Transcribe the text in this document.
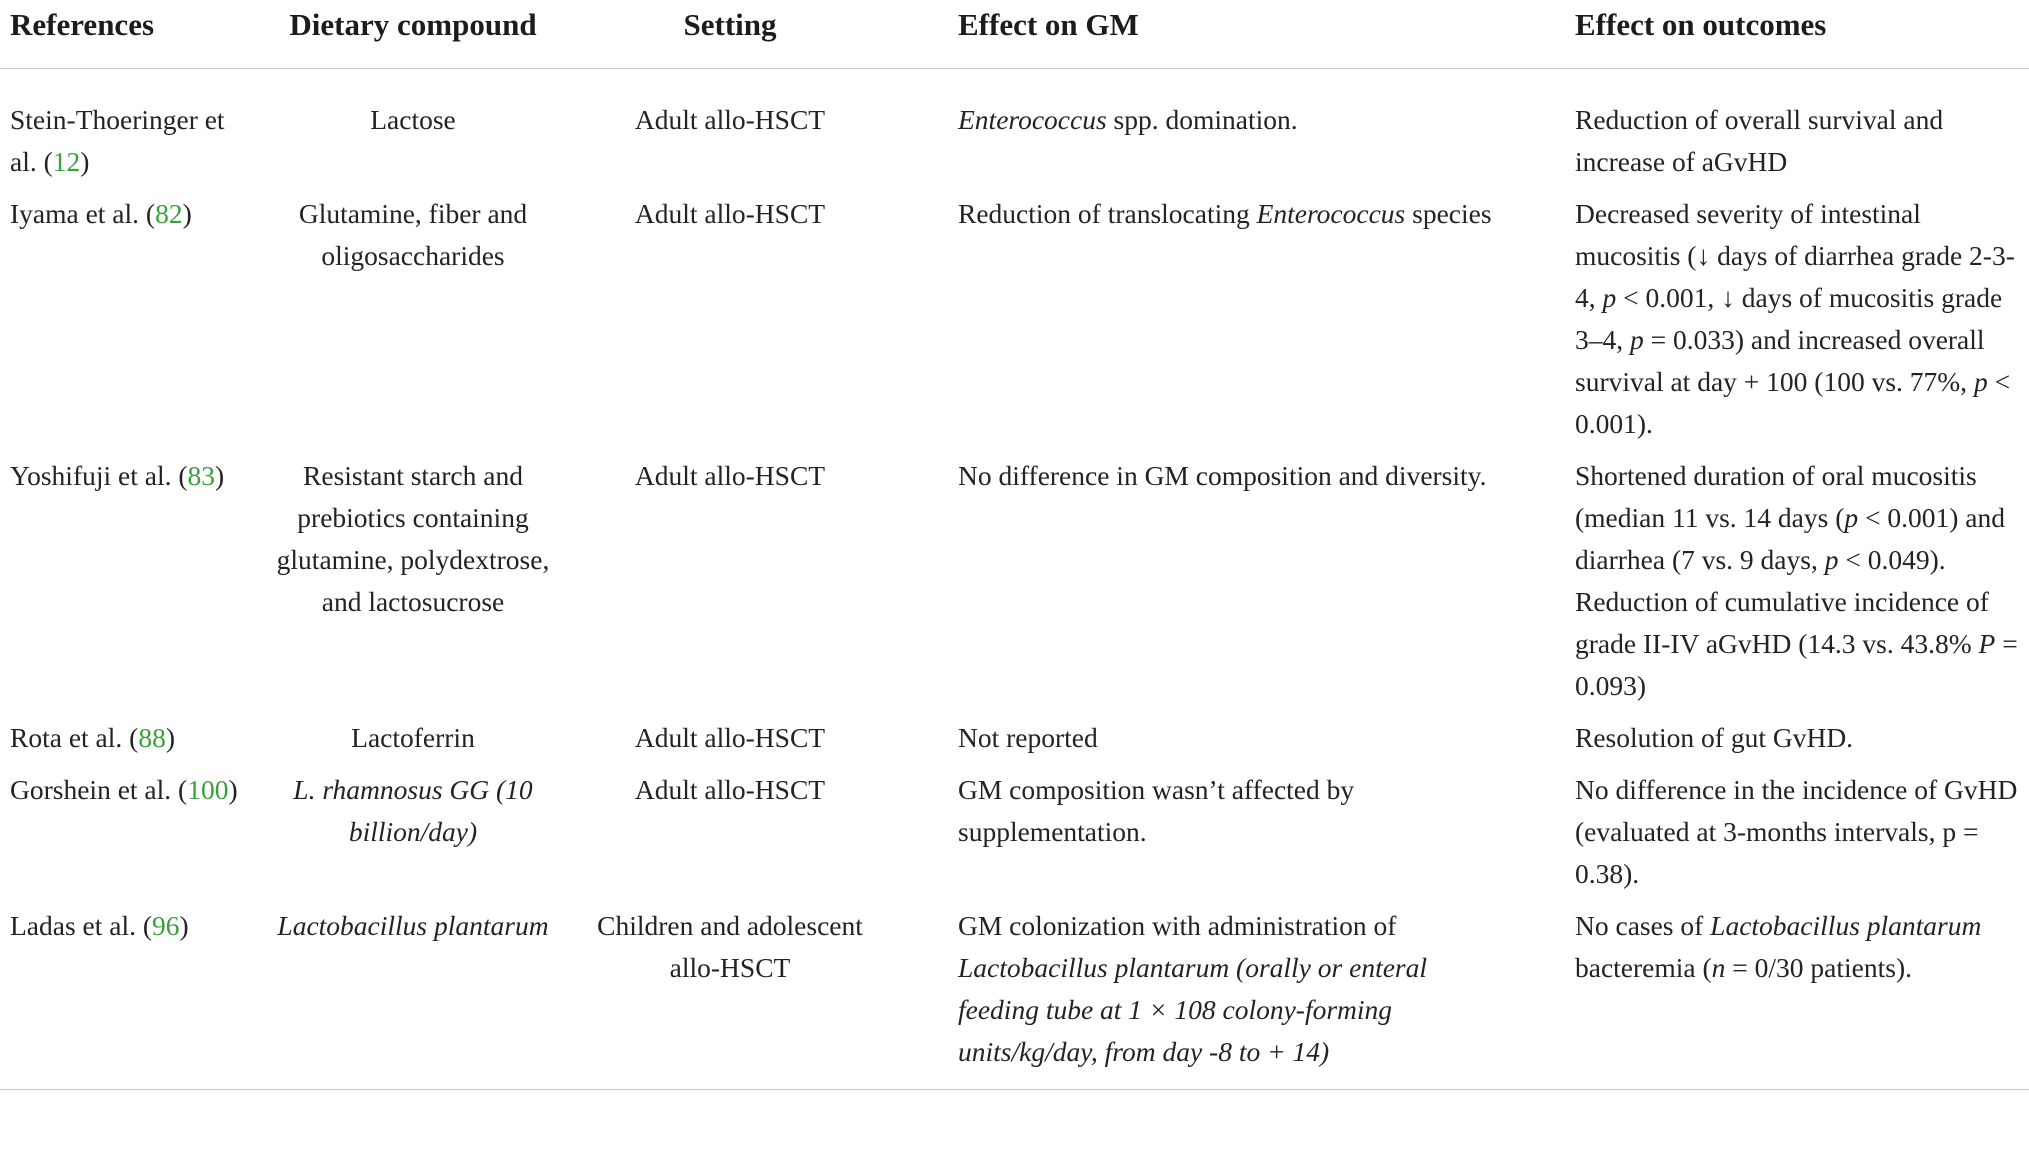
References	Dietary compound	Setting	Effect on GM	Effect on outcomes
Stein-Thoeringer et al. (12)	Lactose	Adult allo-HSCT	Enterococcus spp. domination.	Reduction of overall survival and increase of aGvHD
Iyama et al. (82)	Glutamine, fiber and oligosaccharides	Adult allo-HSCT	Reduction of translocating Enterococcus species	Decreased severity of intestinal mucositis (↓ days of diarrhea grade 2-3-4, p < 0.001, ↓ days of mucositis grade 3–4, p = 0.033) and increased overall survival at day + 100 (100 vs. 77%, p < 0.001).
Yoshifuji et al. (83)	Resistant starch and prebiotics containing glutamine, polydextrose, and lactosucrose	Adult allo-HSCT	No difference in GM composition and diversity.	Shortened duration of oral mucositis (median 11 vs. 14 days (p < 0.001) and diarrhea (7 vs. 9 days, p < 0.049). Reduction of cumulative incidence of grade II-IV aGvHD (14.3 vs. 43.8% P = 0.093)
Rota et al. (88)	Lactoferrin	Adult allo-HSCT	Not reported	Resolution of gut GvHD.
Gorshein et al. (100)	L. rhamnosus GG (10 billion/day)	Adult allo-HSCT	GM composition wasn’t affected by supplementation.	No difference in the incidence of GvHD (evaluated at 3-months intervals, p = 0.38).
Ladas et al. (96)	Lactobacillus plantarum	Children and adolescent allo-HSCT	GM colonization with administration of Lactobacillus plantarum (orally or enteral feeding tube at 1 × 108 colony-forming units/kg/day, from day -8 to + 14)	No cases of Lactobacillus plantarum bacteremia (n = 0/30 patients).
